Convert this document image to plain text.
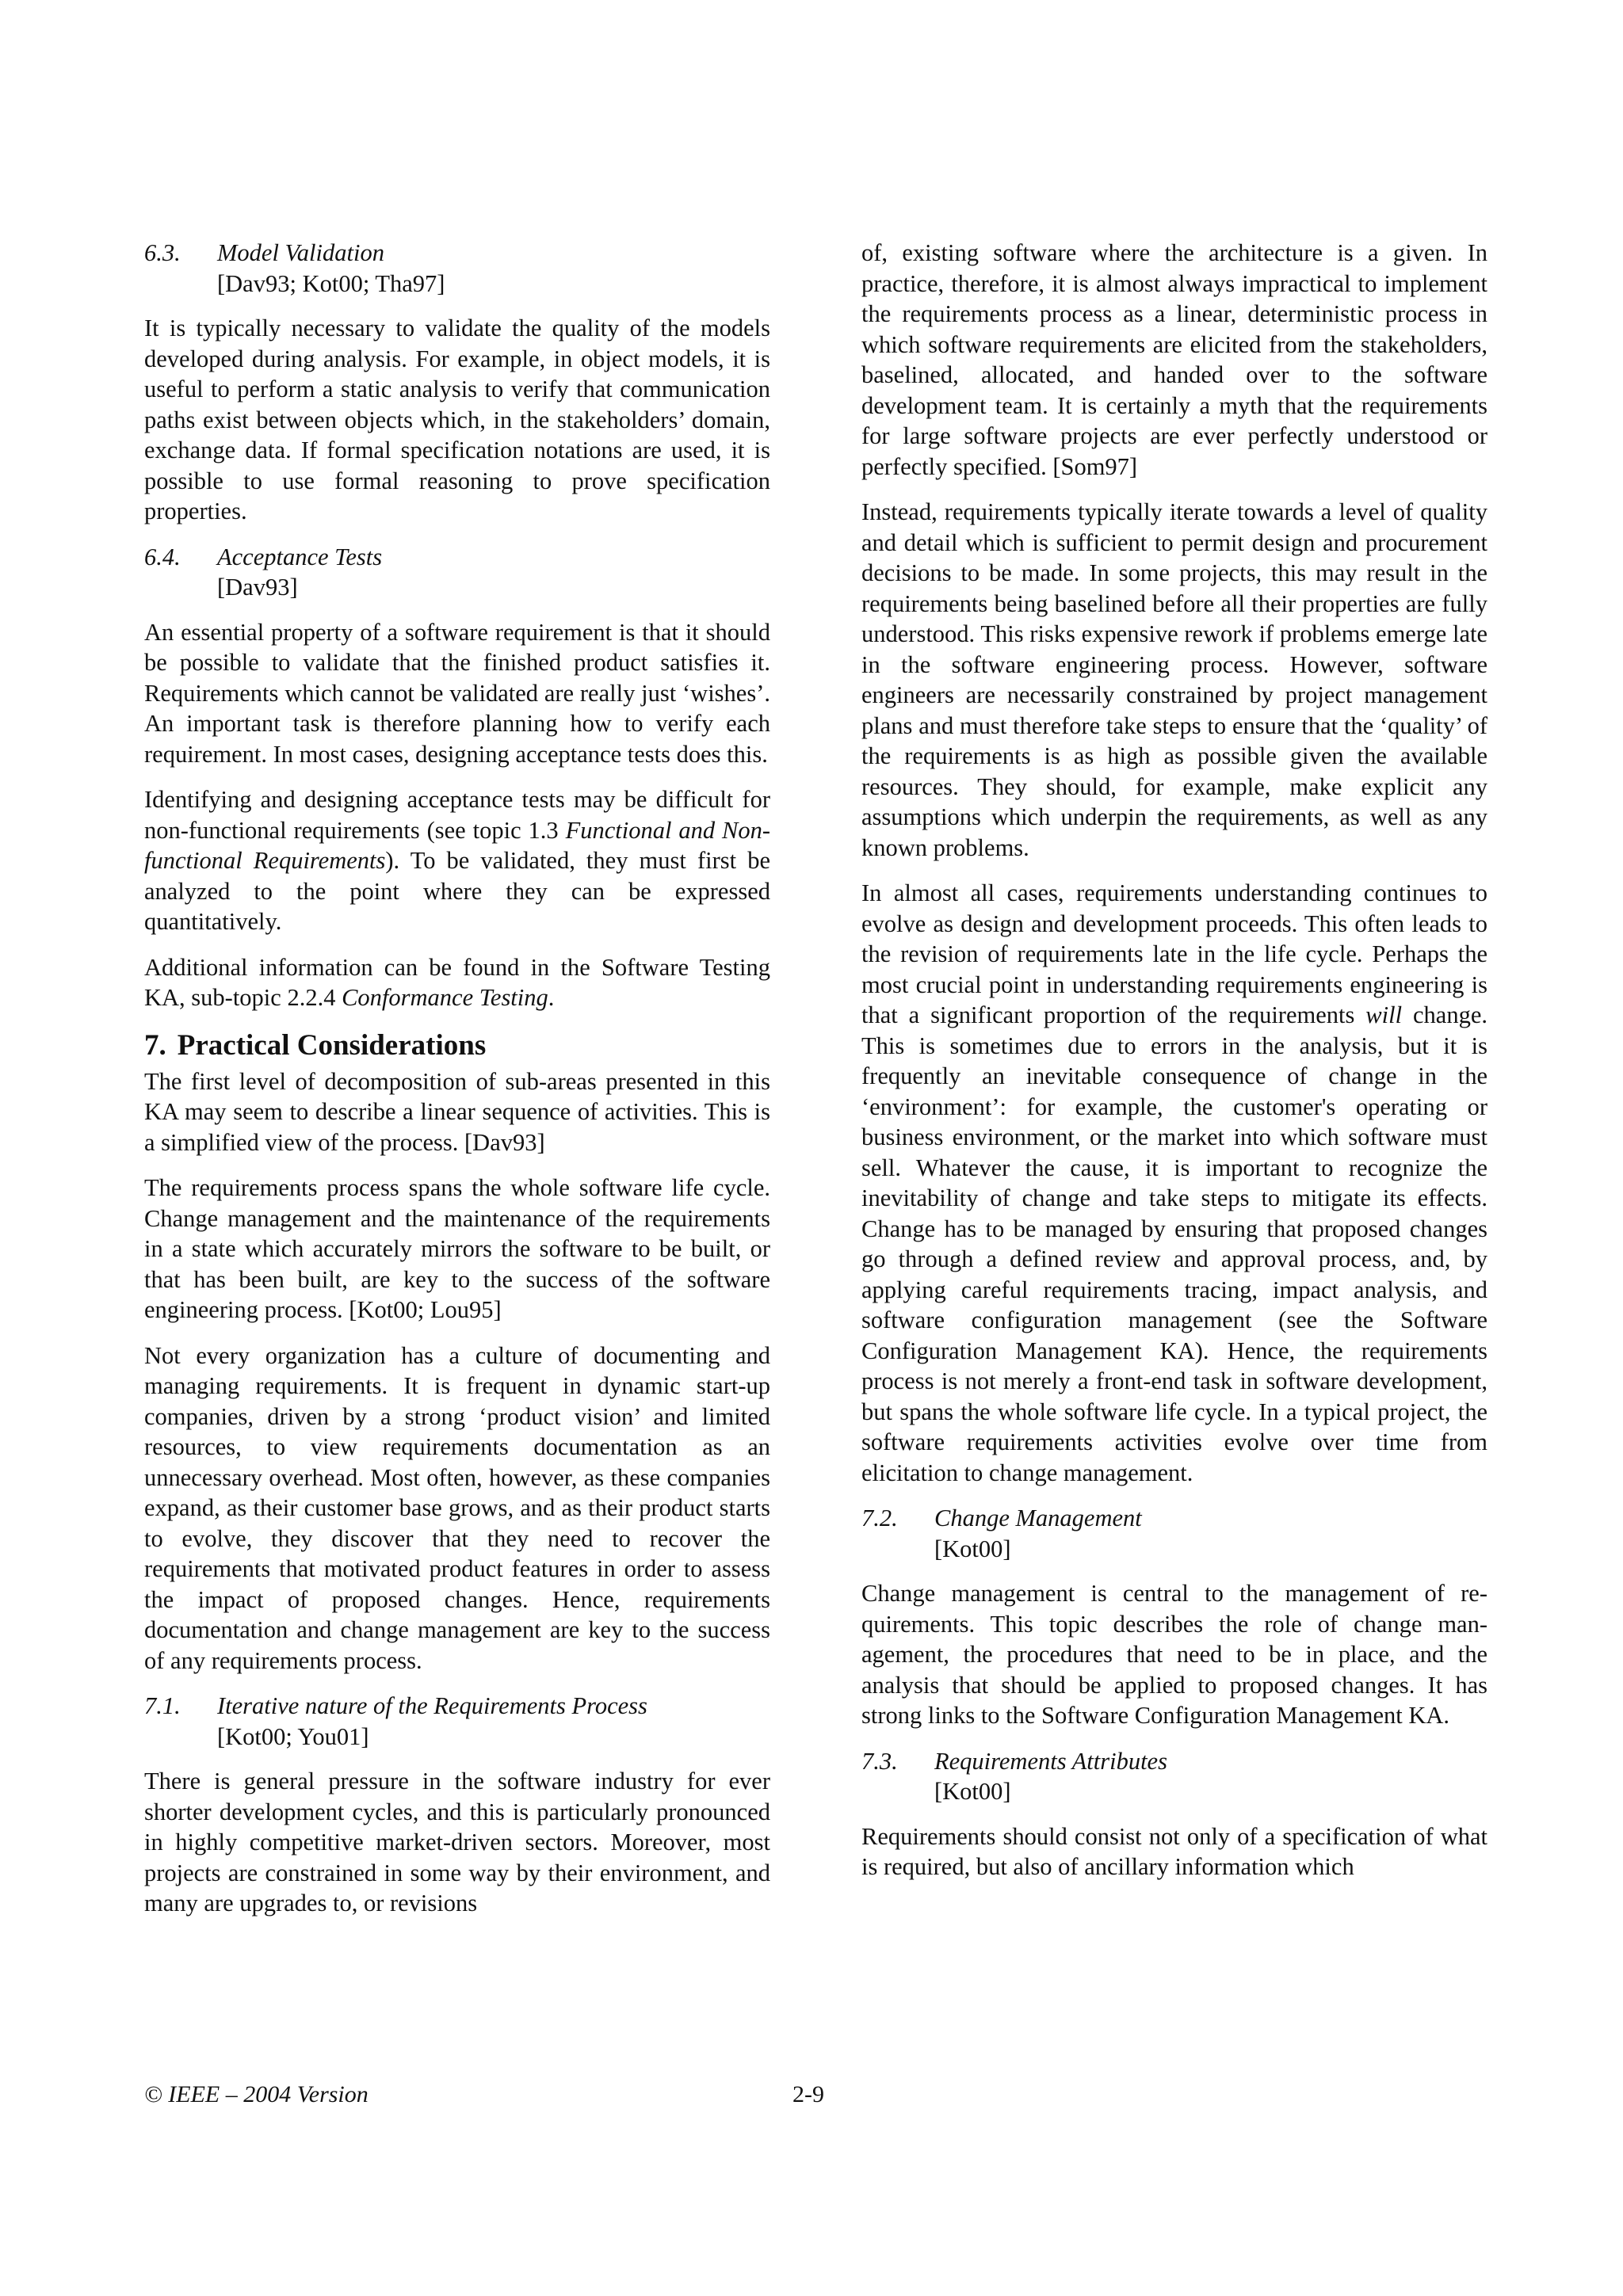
6.3.	Model Validation
[Dav93; Kot00; Tha97]

It is typically necessary to validate the quality of the models developed during analysis. For example, in object models, it is useful to perform a static analysis to verify that communication paths exist between objects which, in the stakeholders’ domain, exchange data. If formal specification notations are used, it is possible to use formal reasoning to prove specification properties.

6.4.	Acceptance Tests
[Dav93]

An essential property of a software requirement is that it should be possible to validate that the finished product satisfies it. Requirements which cannot be validated are really just ‘wishes’. An important task is therefore planning how to verify each requirement. In most cases, designing acceptance tests does this.

Identifying and designing acceptance tests may be difficult for non-functional requirements (see topic 1.3 Functional and Non-functional Requirements). To be validated, they must first be analyzed to the point where they can be expressed quantitatively.

Additional information can be found in the Software Testing KA, sub-topic 2.2.4 Conformance Testing.

7. Practical Considerations

The first level of decomposition of sub-areas presented in this KA may seem to describe a linear sequence of activities. This is a simplified view of the process. [Dav93]

The requirements process spans the whole software life cycle. Change management and the maintenance of the requirements in a state which accurately mirrors the software to be built, or that has been built, are key to the success of the software engineering process. [Kot00; Lou95]

Not every organization has a culture of documenting and managing requirements. It is frequent in dynamic start-up companies, driven by a strong ‘product vision’ and limited resources, to view requirements documentation as an unnecessary overhead. Most often, however, as these companies expand, as their customer base grows, and as their product starts to evolve, they discover that they need to recover the requirements that motivated product features in order to assess the impact of proposed changes. Hence, requirements documentation and change management are key to the success of any requirements process.

7.1.	Iterative nature of the Requirements Process
[Kot00; You01]

There is general pressure in the software industry for ever shorter development cycles, and this is particularly pronounced in highly competitive market-driven sectors. Moreover, most projects are constrained in some way by their environment, and many are upgrades to, or revisions

of, existing software where the architecture is a given. In practice, therefore, it is almost always impractical to implement the requirements process as a linear, deterministic process in which software requirements are elicited from the stakeholders, baselined, allocated, and handed over to the software development team. It is certainly a myth that the requirements for large software projects are ever perfectly understood or perfectly specified. [Som97]

Instead, requirements typically iterate towards a level of quality and detail which is sufficient to permit design and procurement decisions to be made. In some projects, this may result in the requirements being baselined before all their properties are fully understood. This risks expensive rework if problems emerge late in the software engineering process. However, software engineers are necessarily constrained by project management plans and must therefore take steps to ensure that the ‘quality’ of the requirements is as high as possible given the available resources. They should, for example, make explicit any assumptions which underpin the requirements, as well as any known problems.

In almost all cases, requirements understanding continues to evolve as design and development proceeds. This often leads to the revision of requirements late in the life cycle. Perhaps the most crucial point in understanding requirements engineering is that a significant proportion of the requirements will change. This is sometimes due to errors in the analysis, but it is frequently an inevitable consequence of change in the ‘environment’: for example, the customer's operating or business environment, or the market into which software must sell. Whatever the cause, it is important to recognize the inevitability of change and take steps to mitigate its effects. Change has to be managed by ensuring that proposed changes go through a defined review and approval process, and, by applying careful requirements tracing, impact analysis, and software configuration management (see the Software Configuration Management KA). Hence, the requirements process is not merely a front-end task in software development, but spans the whole software life cycle. In a typical project, the software requirements activities evolve over time from elicitation to change management.

7.2.	Change Management
[Kot00]

Change management is central to the management of requirements. This topic describes the role of change management, the procedures that need to be in place, and the analysis that should be applied to proposed changes. It has strong links to the Software Configuration Management KA.

7.3.	Requirements Attributes
[Kot00]

Requirements should consist not only of a specification of what is required, but also of ancillary information which

© IEEE – 2004 Version	2-9
